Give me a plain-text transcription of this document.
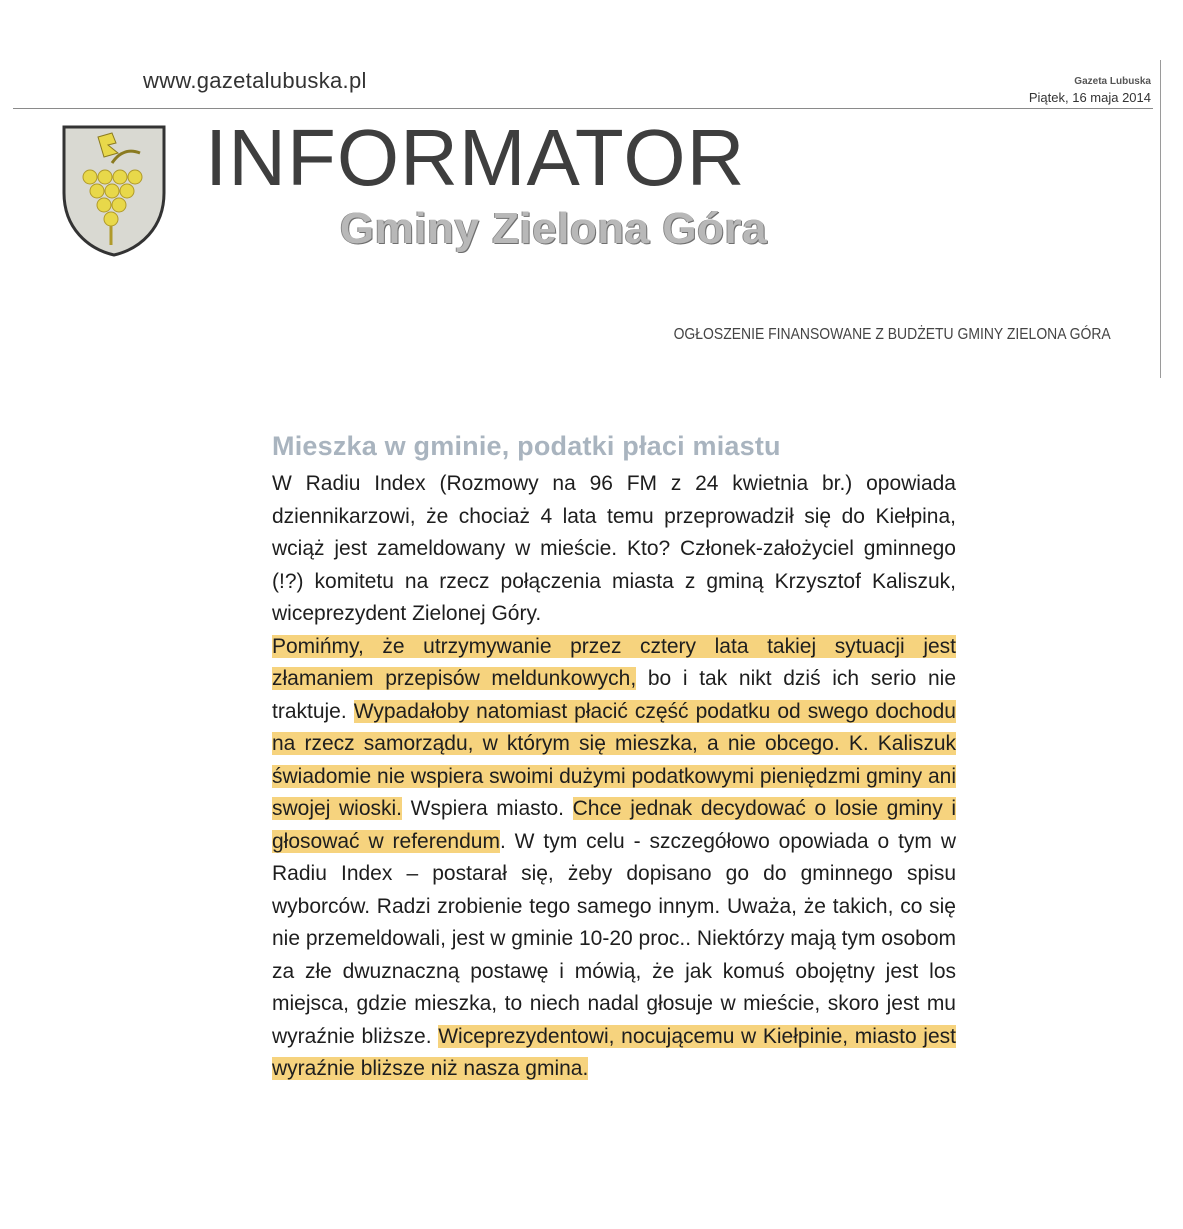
www.gazetalubuska.pl	Gazeta Lubuska
Piątek, 16 maja 2014
INFORMATOR
Gminy Zielona Góra
OGŁOSZENIE FINANSOWANE Z BUDŻETU GMINY ZIELONA GÓRA
Mieszka w gminie, podatki płaci miastu

W Radiu Index (Rozmowy na 96 FM z 24 kwietnia br.) opowiada dziennikarzowi, że chociaż 4 lata temu przeprowadził się do Kiełpina, wciąż jest zameldowany w mieście. Kto? Członek-założyciel gminnego (!?) komitetu na rzecz połączenia miasta z gminą Krzysztof Kaliszuk, wiceprezydent Zielonej Góry.

Pomińmy, że utrzymywanie przez cztery lata takiej sytuacji jest złamaniem przepisów meldunkowych, bo i tak nikt dziś ich serio nie traktuje. Wypadałoby natomiast płacić część podatku od swego dochodu na rzecz samorządu, w którym się mieszka, a nie obcego. K. Kaliszuk świadomie nie wspiera swoimi dużymi podatkowymi pieniędzmi gminy ani swojej wioski. Wspiera miasto. Chce jednak decydować o losie gminy i głosować w referendum. W tym celu - szczegółowo opowiada o tym w Radiu Index – postarał się, żeby dopisano go do gminnego spisu wyborców. Radzi zrobienie tego samego innym. Uważa, że takich, co się nie przemeldowali, jest w gminie 10-20 proc.. Niektórzy mają tym osobom za złe dwuznaczną postawę i mówią, że jak komuś obojętny jest los miejsca, gdzie mieszka, to niech nadal głosuje w mieście, skoro jest mu wyraźnie bliższe. Wiceprezydentowi, nocującemu w Kiełpinie, miasto jest wyraźnie bliższe niż nasza gmina.
